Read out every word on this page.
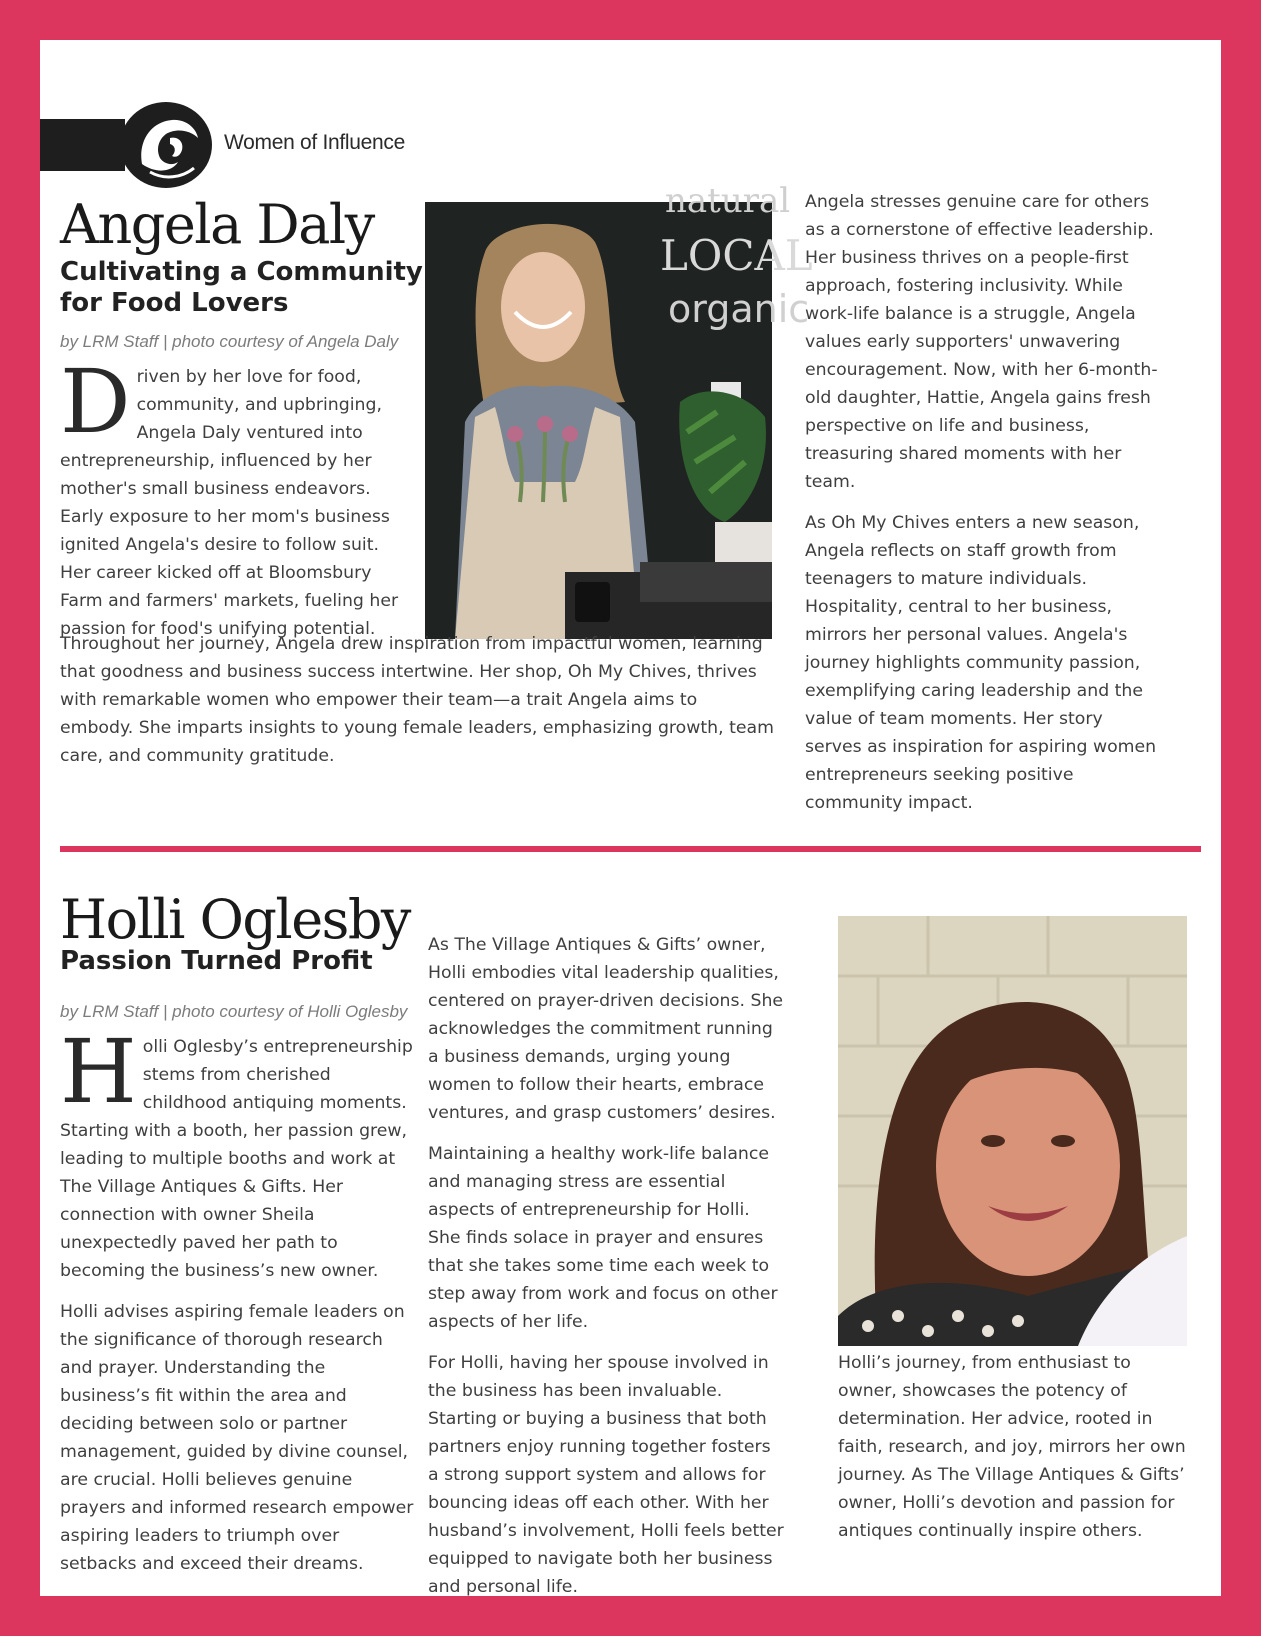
Women of Influence
Angela Daly
Cultivating a Community
for Food Lovers
by LRM Staff | photo courtesy of Angela Daly
D riven by her love for food, community, and upbringing, Angela Daly ventured into entrepreneurship, influenced by her mother's small business endeavors. Early exposure to her mom's business ignited Angela's desire to follow suit. Her career kicked off at Bloomsbury Farm and farmers' markets, fueling her passion for food's unifying potential.
natural
LOCAL
organic

Throughout her journey, Angela drew inspiration from impactful women, learning that goodness and business success intertwine. Her shop, Oh My Chives, thrives with remarkable women who empower their team—a trait Angela aims to embody. She imparts insights to young female leaders, emphasizing growth, team care, and community gratitude.

Angela stresses genuine care for others as a cornerstone of effective leadership. Her business thrives on a people-first approach, fostering inclusivity. While work-life balance is a struggle, Angela values early supporters' unwavering encouragement. Now, with her 6-month-old daughter, Hattie, Angela gains fresh perspective on life and business, treasuring shared moments with her team.

As Oh My Chives enters a new season, Angela reflects on staff growth from teenagers to mature individuals. Hospitality, central to her business, mirrors her personal values. Angela's journey highlights community passion, exemplifying caring leadership and the value of team moments. Her story serves as inspiration for aspiring women entrepreneurs seeking positive community impact.

Holli Oglesby
Passion Turned Profit
by LRM Staff | photo courtesy of Holli Oglesby
H olli Oglesby’s entrepreneurship stems from cherished childhood antiquing moments. Starting with a booth, her passion grew, leading to multiple booths and work at The Village Antiques & Gifts. Her connection with owner Sheila unexpectedly paved her path to becoming the business’s new owner.

Holli advises aspiring female leaders on the significance of thorough research and prayer. Understanding the business’s fit within the area and deciding between solo or partner management, guided by divine counsel, are crucial. Holli believes genuine prayers and informed research empower aspiring leaders to triumph over setbacks and exceed their dreams.

As The Village Antiques & Gifts’ owner, Holli embodies vital leadership qualities, centered on prayer-driven decisions. She acknowledges the commitment running a business demands, urging young women to follow their hearts, embrace ventures, and grasp customers’ desires.

Maintaining a healthy work-life balance and managing stress are essential aspects of entrepreneurship for Holli. She finds solace in prayer and ensures that she takes some time each week to step away from work and focus on other aspects of her life.

For Holli, having her spouse involved in the business has been invaluable. Starting or buying a business that both partners enjoy running together fosters a strong support system and allows for bouncing ideas off each other. With her husband’s involvement, Holli feels better equipped to navigate both her business and personal life.

Holli’s journey, from enthusiast to owner, showcases the potency of determination. Her advice, rooted in faith, research, and joy, mirrors her own journey. As The Village Antiques & Gifts’ owner, Holli’s devotion and passion for antiques continually inspire others.
